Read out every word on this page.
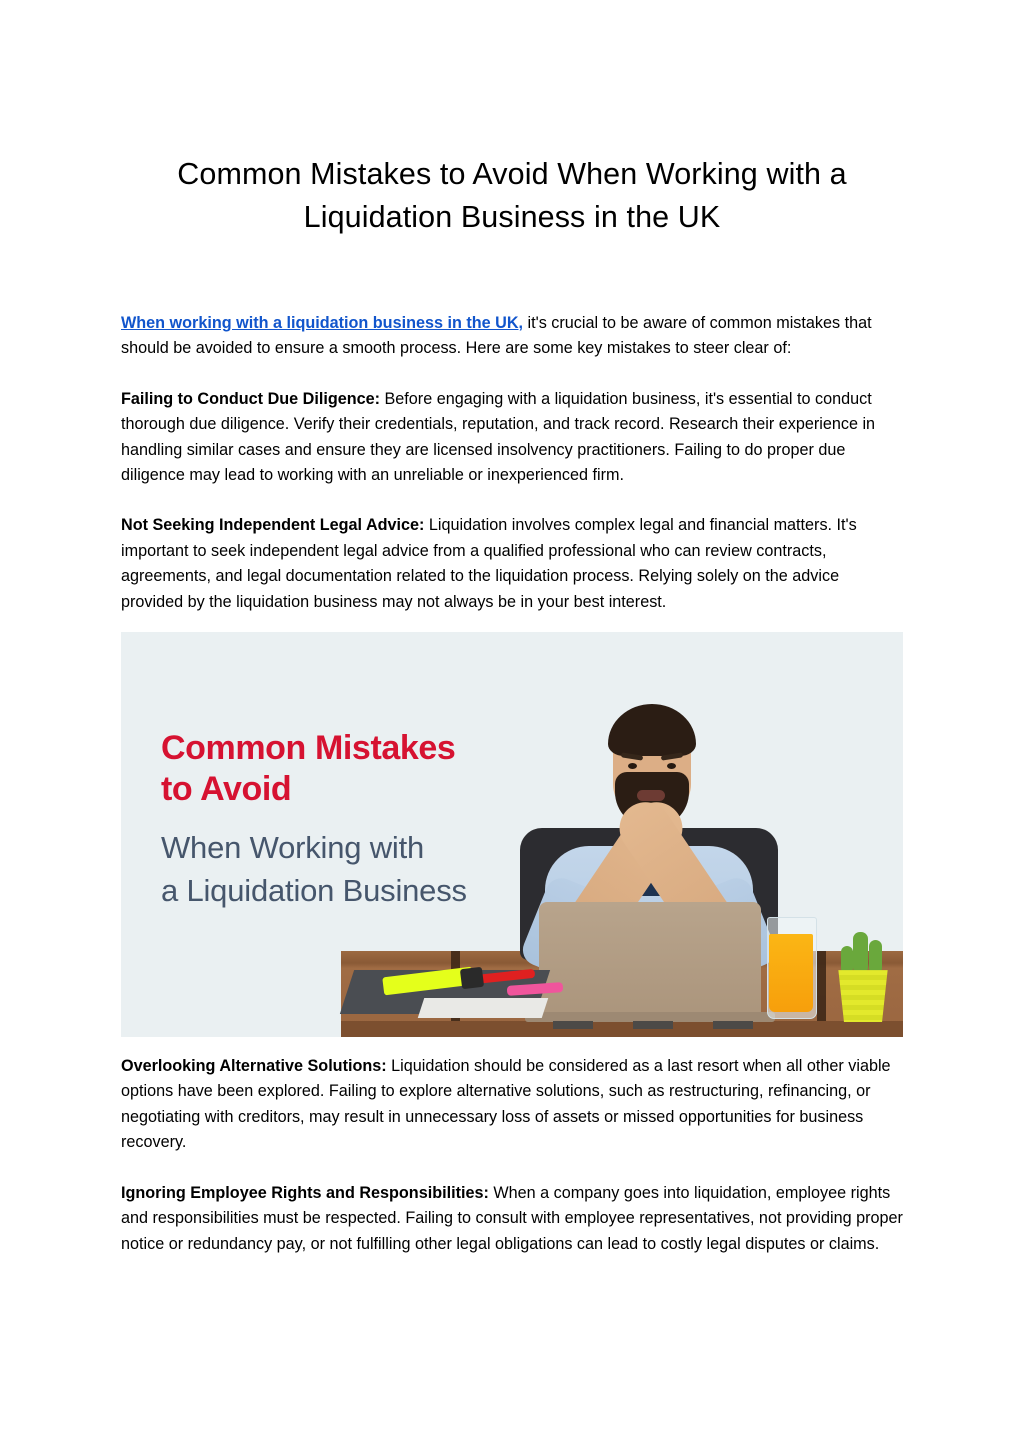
Common Mistakes to Avoid When Working with a Liquidation Business in the UK

When working with a liquidation business in the UK, it's crucial to be aware of common mistakes that should be avoided to ensure a smooth process. Here are some key mistakes to steer clear of:

Failing to Conduct Due Diligence: Before engaging with a liquidation business, it's essential to conduct thorough due diligence. Verify their credentials, reputation, and track record. Research their experience in handling similar cases and ensure they are licensed insolvency practitioners. Failing to do proper due diligence may lead to working with an unreliable or inexperienced firm.

Not Seeking Independent Legal Advice: Liquidation involves complex legal and financial matters. It's important to seek independent legal advice from a qualified professional who can review contracts, agreements, and legal documentation related to the liquidation process. Relying solely on the advice provided by the liquidation business may not always be in your best interest.

Common Mistakes
to Avoid
When Working with
a Liquidation Business

Overlooking Alternative Solutions: Liquidation should be considered as a last resort when all other viable options have been explored. Failing to explore alternative solutions, such as restructuring, refinancing, or negotiating with creditors, may result in unnecessary loss of assets or missed opportunities for business recovery.

Ignoring Employee Rights and Responsibilities: When a company goes into liquidation, employee rights and responsibilities must be respected. Failing to consult with employee representatives, not providing proper notice or redundancy pay, or not fulfilling other legal obligations can lead to costly legal disputes or claims.
